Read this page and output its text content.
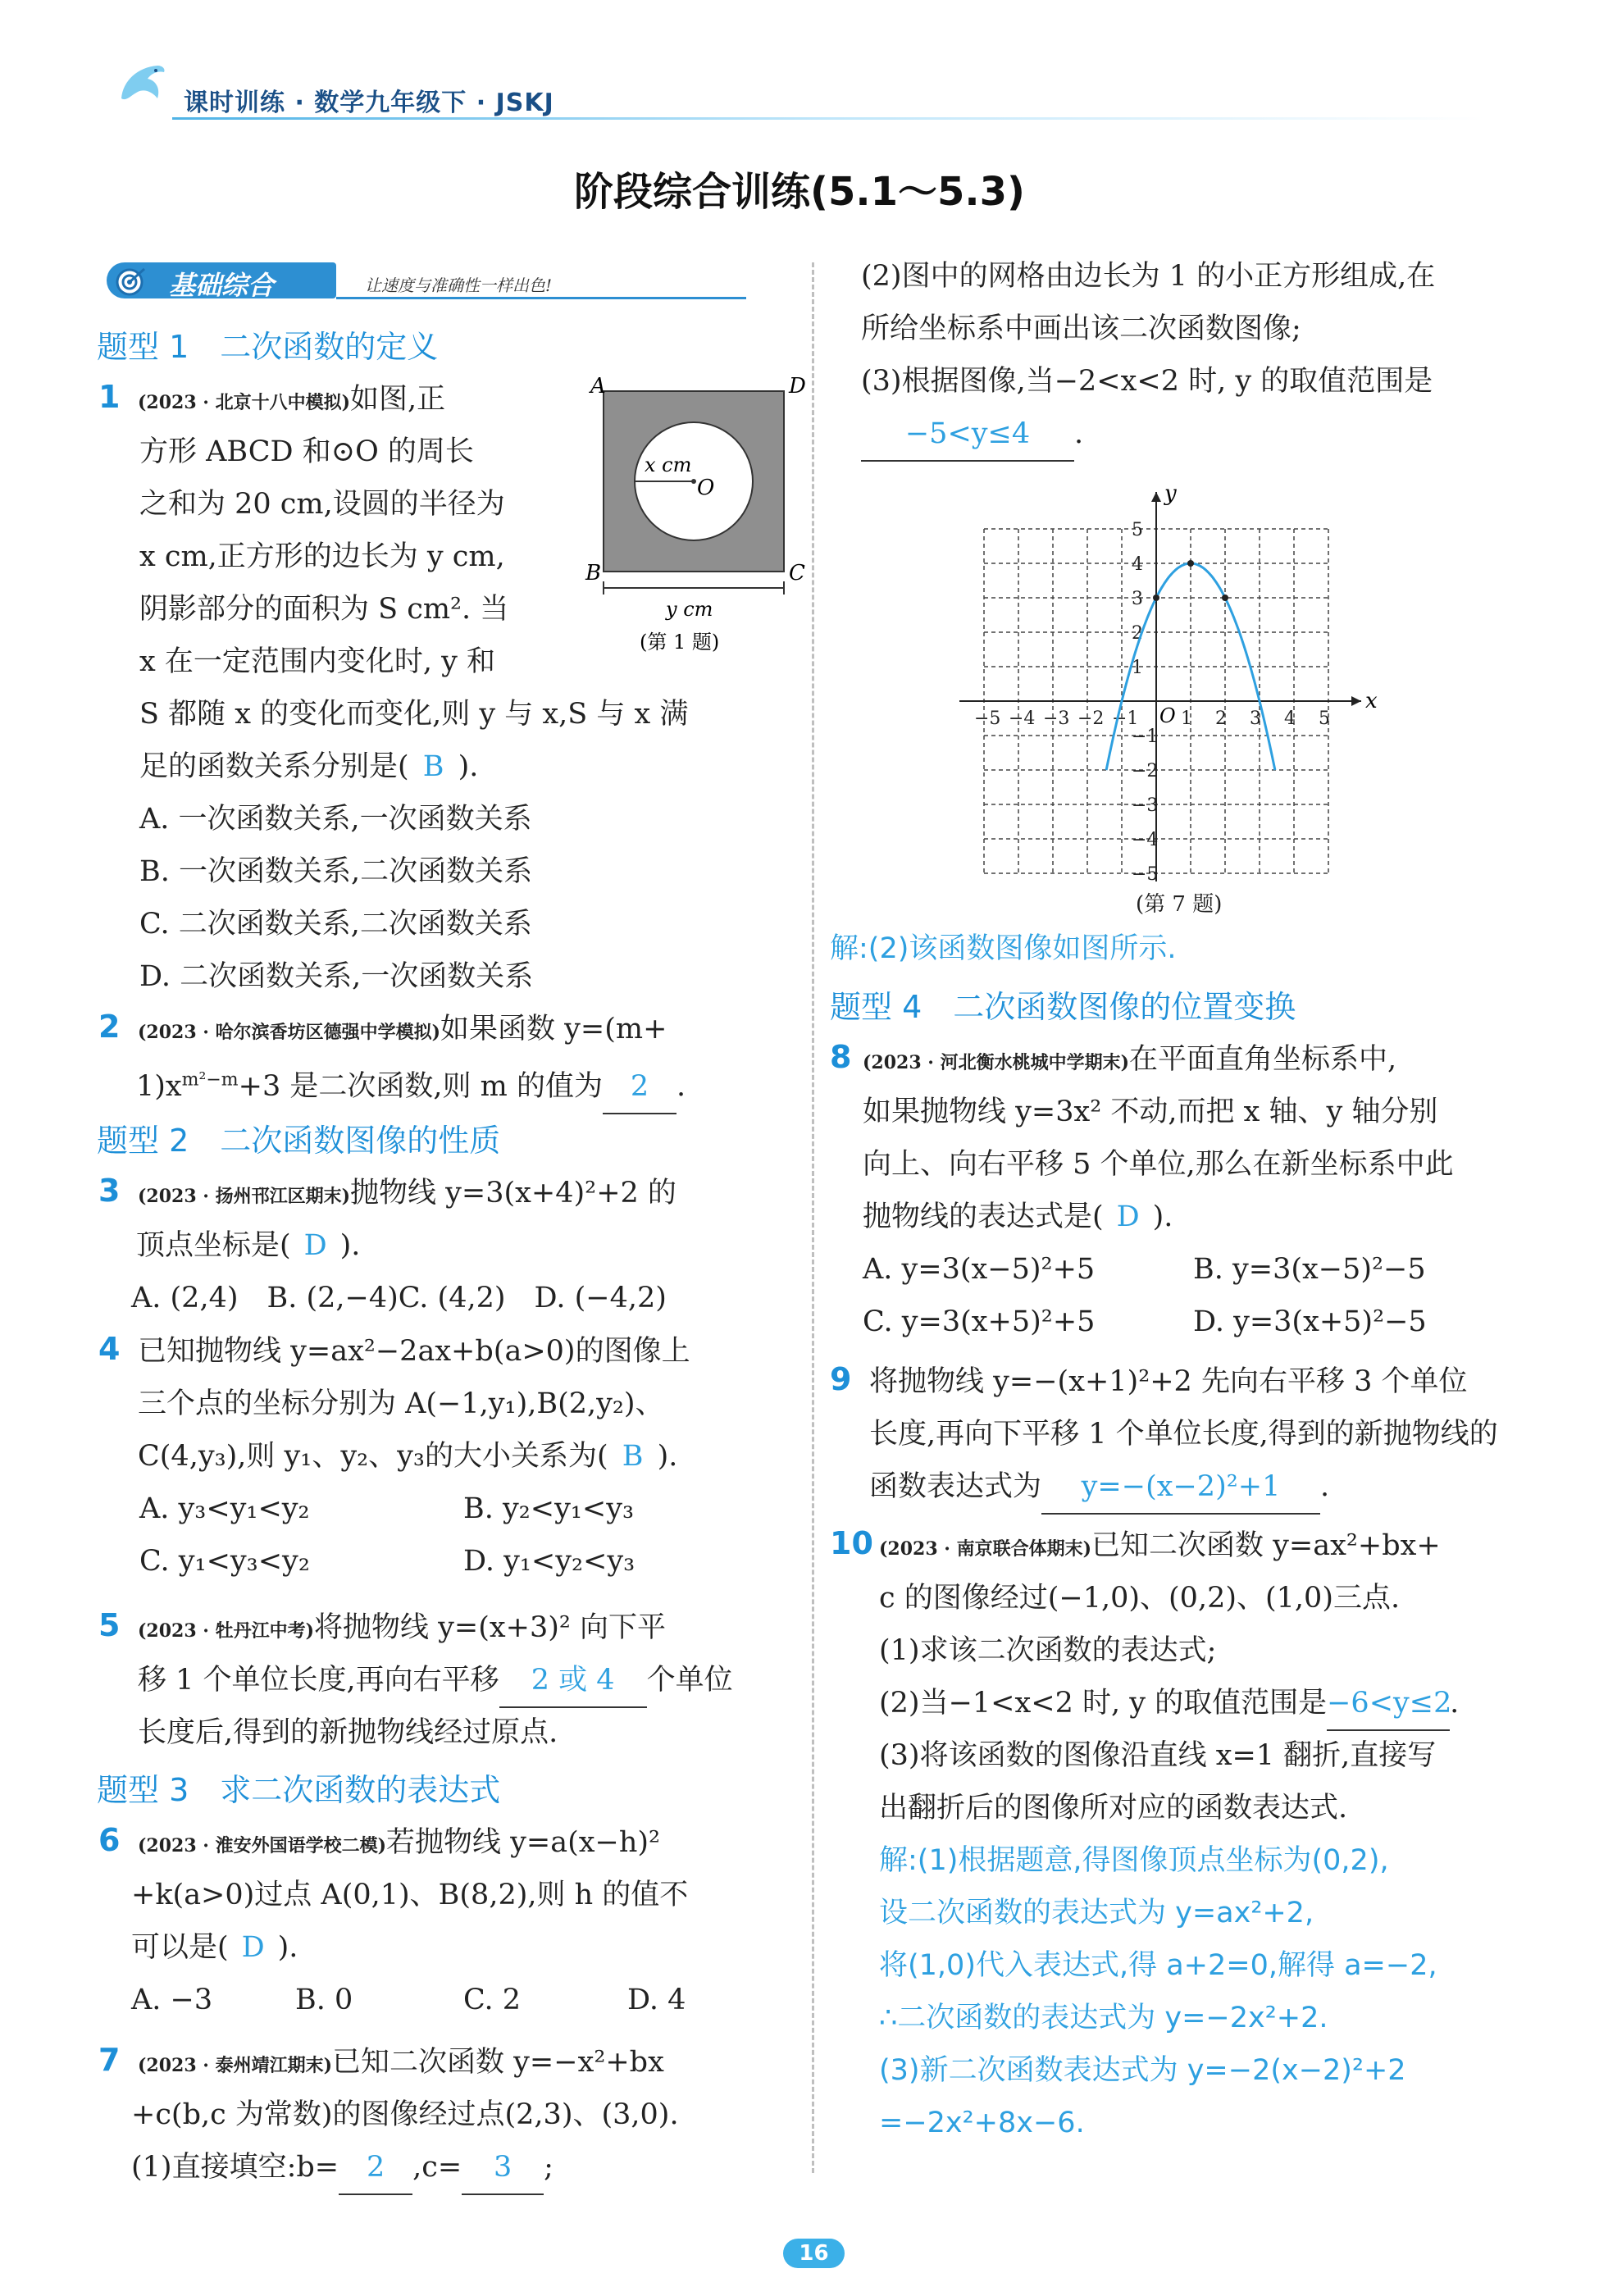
课时训练 · 数学九年级下 · JSKJ
阶段综合训练(5.1～5.3)
基础综合	让速度与准确性一样出色!
题型 1　二次函数的定义
1 (2023 · 北京十八中模拟)如图,正
方形 ABCD 和⊙O 的周长
之和为 20 cm,设圆的半径为
x cm,正方形的边长为 y cm,
阴影部分的面积为 S cm². 当
x 在一定范围内变化时, y 和
S 都随 x 的变化而变化,则 y 与 x,S 与 x 满
足的函数关系分别是( B ).
A. 一次函数关系,一次函数关系
B. 一次函数关系,二次函数关系
C. 二次函数关系,二次函数关系
D. 二次函数关系,一次函数关系
A	D
B	C
O
x cm
y cm
(第 1 题)
2 (2023 · 哈尔滨香坊区德强中学模拟)如果函数 y=(m+
$1)x^{m^2-m}+3$ 是二次函数,则 m 的值为 2 .
题型 2　二次函数图像的性质
3 (2023 · 扬州邗江区期末)抛物线 y=3(x+4)²+2 的
顶点坐标是( D ).
A. (2,4)　B. (2,−4)C. (4,2)　D. (−4,2)
4 已知抛物线 y=ax²−2ax+b(a>0)的图像上
三个点的坐标分别为 A(−1,y₁),B(2,y₂)、
C(4,y₃),则 y₁、y₂、y₃的大小关系为( B ).
A. y₃<y₁<y₂	B. y₂<y₁<y₃
C. y₁<y₃<y₂	D. y₁<y₂<y₃
5 (2023 · 牡丹江中考)将抛物线 y=(x+3)² 向下平
移 1 个单位长度,再向右平移 2 或 4 个单位
长度后,得到的新抛物线经过原点.
题型 3　求二次函数的表达式
6 (2023 · 淮安外国语学校二模)若抛物线 y=a(x−h)²
+k(a>0)过点 A(0,1)、B(8,2),则 h 的值不
可以是( D ).
A. −3	B. 0	C. 2	D. 4
7 (2023 · 泰州靖江期末)已知二次函数 y=−x²+bx
+c(b,c 为常数)的图像经过点(2,3)、(3,0).
(1)直接填空:b= 2 ,c= 3 ;
(2)图中的网格由边长为 1 的小正方形组成,在
所给坐标系中画出该二次函数图像;
(3)根据图像,当−2<x<2 时, y 的取值范围是
−5<y≤4 .
−5 −4 −3 −2 −1 1 2 3 4 5
5
4
3
2
1
−1
−2
−3
−4
−5
x
y
O
(第 7 题)
解:(2)该函数图像如图所示.
题型 4　二次函数图像的位置变换
8 (2023 · 河北衡水桃城中学期末)在平面直角坐标系中,
如果抛物线 y=3x² 不动,而把 x 轴、y 轴分别
向上、向右平移 5 个单位,那么在新坐标系中此
抛物线的表达式是( D ).
A. y=3(x−5)²+5	B. y=3(x−5)²−5
C. y=3(x+5)²+5	D. y=3(x+5)²−5
9 将抛物线 y=−(x+1)²+2 先向右平移 3 个单位
长度,再向下平移 1 个单位长度,得到的新抛物线的
函数表达式为 y=−(x−2)²+1 .
10 (2023 · 南京联合体期末)已知二次函数 y=ax²+bx+
c 的图像经过(−1,0)、(0,2)、(1,0)三点.
(1)求该二次函数的表达式;
(2)当−1<x<2 时, y 的取值范围是−6<y≤2.
(3)将该函数的图像沿直线 x=1 翻折,直接写
出翻折后的图像所对应的函数表达式.
解:(1)根据题意,得图像顶点坐标为(0,2),
设二次函数的表达式为 y=ax²+2,
将(1,0)代入表达式,得 a+2=0,解得 a=−2,
∴二次函数的表达式为 y=−2x²+2.
(3)新二次函数表达式为 y=−2(x−2)²+2
=−2x²+8x−6.
16
